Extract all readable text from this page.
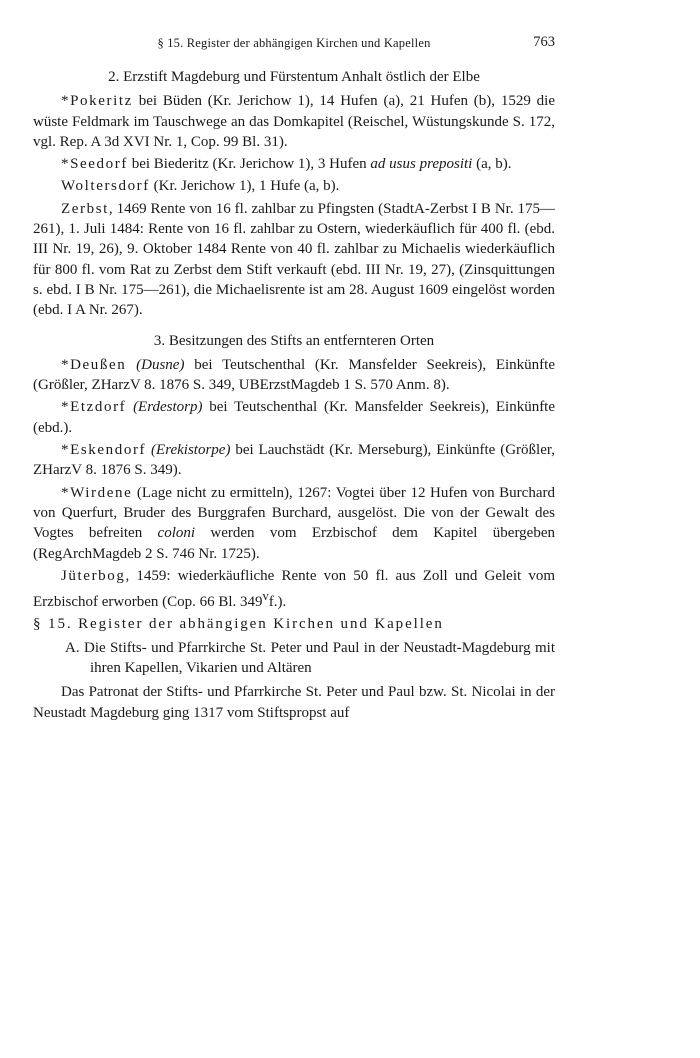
§ 15. Register der abhängigen Kirchen und Kapellen	763

2. Erzstift Magdeburg und Fürstentum Anhalt östlich der Elbe

*Pokeritz bei Büden (Kr. Jerichow 1), 14 Hufen (a), 21 Hufen (b), 1529 die wüste Feldmark im Tauschwege an das Domkapitel (Reischel, Wüstungskunde S. 172, vgl. Rep. A 3d XVI Nr. 1, Cop. 99 Bl. 31).

*Seedorf bei Biederitz (Kr. Jerichow 1), 3 Hufen ad usus prepositi (a, b).

Woltersdorf (Kr. Jerichow 1), 1 Hufe (a, b).

Zerbst, 1469 Rente von 16 fl. zahlbar zu Pfingsten (StadtA-Zerbst I B Nr. 175—261), 1. Juli 1484: Rente von 16 fl. zahlbar zu Ostern, wiederkäuflich für 400 fl. (ebd. III Nr. 19, 26), 9. Oktober 1484 Rente von 40 fl. zahlbar zu Michaelis wiederkäuflich für 800 fl. vom Rat zu Zerbst dem Stift verkauft (ebd. III Nr. 19, 27), (Zinsquittungen s. ebd. I B Nr. 175—261), die Michaelisrente ist am 28. August 1609 eingelöst worden (ebd. I A Nr. 267).

3. Besitzungen des Stifts an entfernteren Orten

*Deußen (Dusne) bei Teutschenthal (Kr. Mansfelder Seekreis), Einkünfte (Größler, ZHarzV 8. 1876 S. 349, UBErzstMagdeb 1 S. 570 Anm. 8).

*Etzdorf (Erdestorp) bei Teutschenthal (Kr. Mansfelder Seekreis), Einkünfte (ebd.).

*Eskendorf (Erekistorpe) bei Lauchstädt (Kr. Merseburg), Einkünfte (Größler, ZHarzV 8. 1876 S. 349).

*Wirdene (Lage nicht zu ermitteln), 1267: Vogtei über 12 Hufen von Burchard von Querfurt, Bruder des Burggrafen Burchard, ausgelöst. Die von der Gewalt des Vogtes befreiten coloni werden vom Erzbischof dem Kapitel übergeben (RegArchMagdeb 2 S. 746 Nr. 1725).

Jüterbog, 1459: wiederkäufliche Rente von 50 fl. aus Zoll und Geleit vom Erzbischof erworben (Cop. 66 Bl. 349$^v$f.).

§ 15. Register der abhängigen Kirchen und Kapellen

A. Die Stifts- und Pfarrkirche St. Peter und Paul in der Neustadt-Magdeburg mit ihren Kapellen, Vikarien und Altären

Das Patronat der Stifts- und Pfarrkirche St. Peter und Paul bzw. St. Nicolai in der Neustadt Magdeburg ging 1317 vom Stiftspropst auf
